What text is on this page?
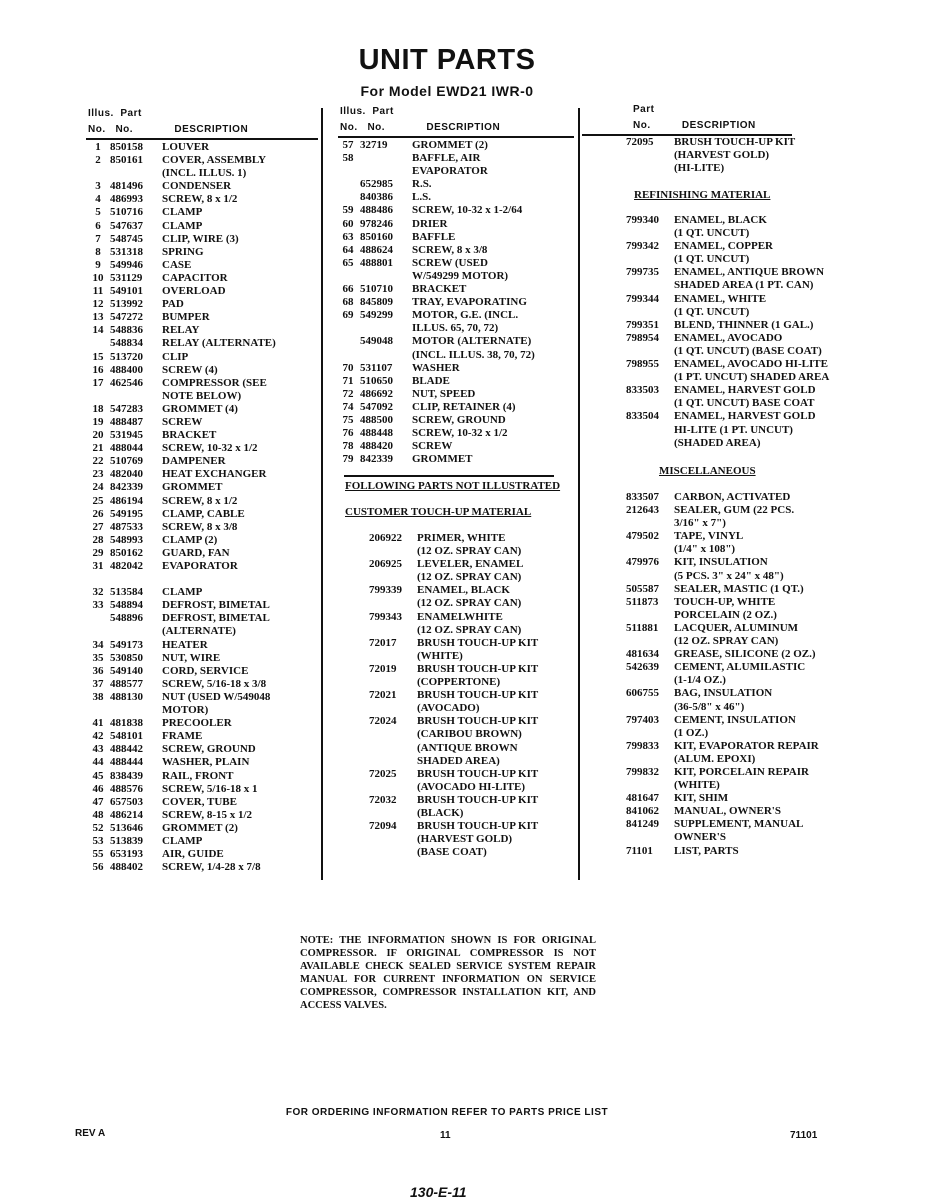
UNIT PARTS
For Model EWD21 IWR-0
Illus. Part
No. No.	DESCRIPTION
1 850158	LOUVER
2 850161	COVER, ASSEMBLY
(INCL. ILLUS. 1)
3 481496	CONDENSER
4 486993	SCREW, 8 x 1/2
5 510716	CLAMP
6 547637	CLAMP
7 548745	CLIP, WIRE (3)
8 531318	SPRING
9 549946	CASE
10 531129	CAPACITOR
11 549101	OVERLOAD
12 513992	PAD
13 547272	BUMPER
14 548836	RELAY
548834	RELAY (ALTERNATE)
15 513720	CLIP
16 488400	SCREW (4)
17 462546	COMPRESSOR (SEE
NOTE BELOW)
18 547283	GROMMET (4)
19 488487	SCREW
20 531945	BRACKET
21 488044	SCREW, 10-32 x 1/2
22 510769	DAMPENER
23 482040	HEAT EXCHANGER
24 842339	GROMMET
25 486194	SCREW, 8 x 1/2
26 549195	CLAMP, CABLE
27 487533	SCREW, 8 x 3/8
28 548993	CLAMP (2)
29 850162	GUARD, FAN
31 482042	EVAPORATOR
32 513584	CLAMP
33 548894	DEFROST, BIMETAL
548896	DEFROST, BIMETAL
(ALTERNATE)
34 549173	HEATER
35 530850	NUT, WIRE
36 549140	CORD, SERVICE
37 488577	SCREW, 5/16-18 x 3/8
38 488130	NUT (USED W/549048
MOTOR)
41 481838	PRECOOLER
42 548101	FRAME
43 488442	SCREW, GROUND
44 488444	WASHER, PLAIN
45 838439	RAIL, FRONT
46 488576	SCREW, 5/16-18 x 1
47 657503	COVER, TUBE
48 486214	SCREW, 8-15 x 1/2
52 513646	GROMMET (2)
53 513839	CLAMP
55 653193	AIR, GUIDE
56 488402	SCREW, 1/4-28 x 7/8
Illus. Part
No. No.	DESCRIPTION
57 32719	GROMMET (2)
58	BAFFLE, AIR
EVAPORATOR
652985	R.S.
840386	L.S.
59 488486	SCREW, 10-32 x 1-2/64
60 978246	DRIER
63 850160	BAFFLE
64 488624	SCREW, 8 x 3/8
65 488801	SCREW (USED
W/549299 MOTOR)
66 510710	BRACKET
68 845809	TRAY, EVAPORATING
69 549299	MOTOR, G.E. (INCL.
ILLUS. 65, 70, 72)
549048	MOTOR (ALTERNATE)
(INCL. ILLUS. 38, 70, 72)
70 531107	WASHER
71 510650	BLADE
72 486692	NUT, SPEED
74 547092	CLIP, RETAINER (4)
75 488500	SCREW, GROUND
76 488448	SCREW, 10-32 x 1/2
78 488420	SCREW
79 842339	GROMMET
FOLLOWING PARTS NOT ILLUSTRATED
CUSTOMER TOUCH-UP MATERIAL
206922	PRIMER, WHITE
(12 OZ. SPRAY CAN)
206925	LEVELER, ENAMEL
(12 OZ. SPRAY CAN)
799339	ENAMEL, BLACK
(12 OZ. SPRAY CAN)
799343	ENAMELWHITE
(12 OZ. SPRAY CAN)
72017	BRUSH TOUCH-UP KIT
(WHITE)
72019	BRUSH TOUCH-UP KIT
(COPPERTONE)
72021	BRUSH TOUCH-UP KIT
(AVOCADO)
72024	BRUSH TOUCH-UP KIT
(CARIBOU BROWN)
(ANTIQUE BROWN
SHADED AREA)
72025	BRUSH TOUCH-UP KIT
(AVOCADO HI-LITE)
72032	BRUSH TOUCH-UP KIT
(BLACK)
72094	BRUSH TOUCH-UP KIT
(HARVEST GOLD)
(BASE COAT)
Part
No.	DESCRIPTION
72095	BRUSH TOUCH-UP KIT
(HARVEST GOLD)
(HI-LITE)
REFINISHING MATERIAL
799340	ENAMEL, BLACK
(1 QT. UNCUT)
799342	ENAMEL, COPPER
(1 QT. UNCUT)
799735	ENAMEL, ANTIQUE BROWN
SHADED AREA (1 PT. CAN)
799344	ENAMEL, WHITE
(1 QT. UNCUT)
799351	BLEND, THINNER (1 GAL.)
798954	ENAMEL, AVOCADO
(1 QT. UNCUT) (BASE COAT)
798955	ENAMEL, AVOCADO HI-LITE
(1 PT. UNCUT) SHADED AREA
833503	ENAMEL, HARVEST GOLD
(1 QT. UNCUT) BASE COAT
833504	ENAMEL, HARVEST GOLD
HI-LITE (1 PT. UNCUT)
(SHADED AREA)
MISCELLANEOUS
833507	CARBON, ACTIVATED
212643	SEALER, GUM (22 PCS.
3/16" x 7")
479502	TAPE, VINYL
(1/4" x 108")
479976	KIT, INSULATION
(5 PCS. 3" x 24" x 48")
505587	SEALER, MASTIC (1 QT.)
511873	TOUCH-UP, WHITE
PORCELAIN (2 OZ.)
511881	LACQUER, ALUMINUM
(12 OZ. SPRAY CAN)
481634	GREASE, SILICONE (2 OZ.)
542639	CEMENT, ALUMILASTIC
(1-1/4 OZ.)
606755	BAG, INSULATION
(36-5/8" x 46")
797403	CEMENT, INSULATION
(1 OZ.)
799833	KIT, EVAPORATOR REPAIR
(ALUM. EPOXI)
799832	KIT, PORCELAIN REPAIR
(WHITE)
481647	KIT, SHIM
841062	MANUAL, OWNER'S
841249	SUPPLEMENT, MANUAL
OWNER'S
71101	LIST, PARTS
NOTE: THE INFORMATION SHOWN IS FOR ORIGINAL COMPRESSOR. IF ORIGINAL COMPRESSOR IS NOT AVAILABLE CHECK SEALED SERVICE SYSTEM REPAIR MANUAL FOR CURRENT INFORMATION ON SERVICE COMPRESSOR, COMPRESSOR INSTALLATION KIT, AND ACCESS VALVES.
FOR ORDERING INFORMATION REFER TO PARTS PRICE LIST
REV A	11	71101
130-E-11
